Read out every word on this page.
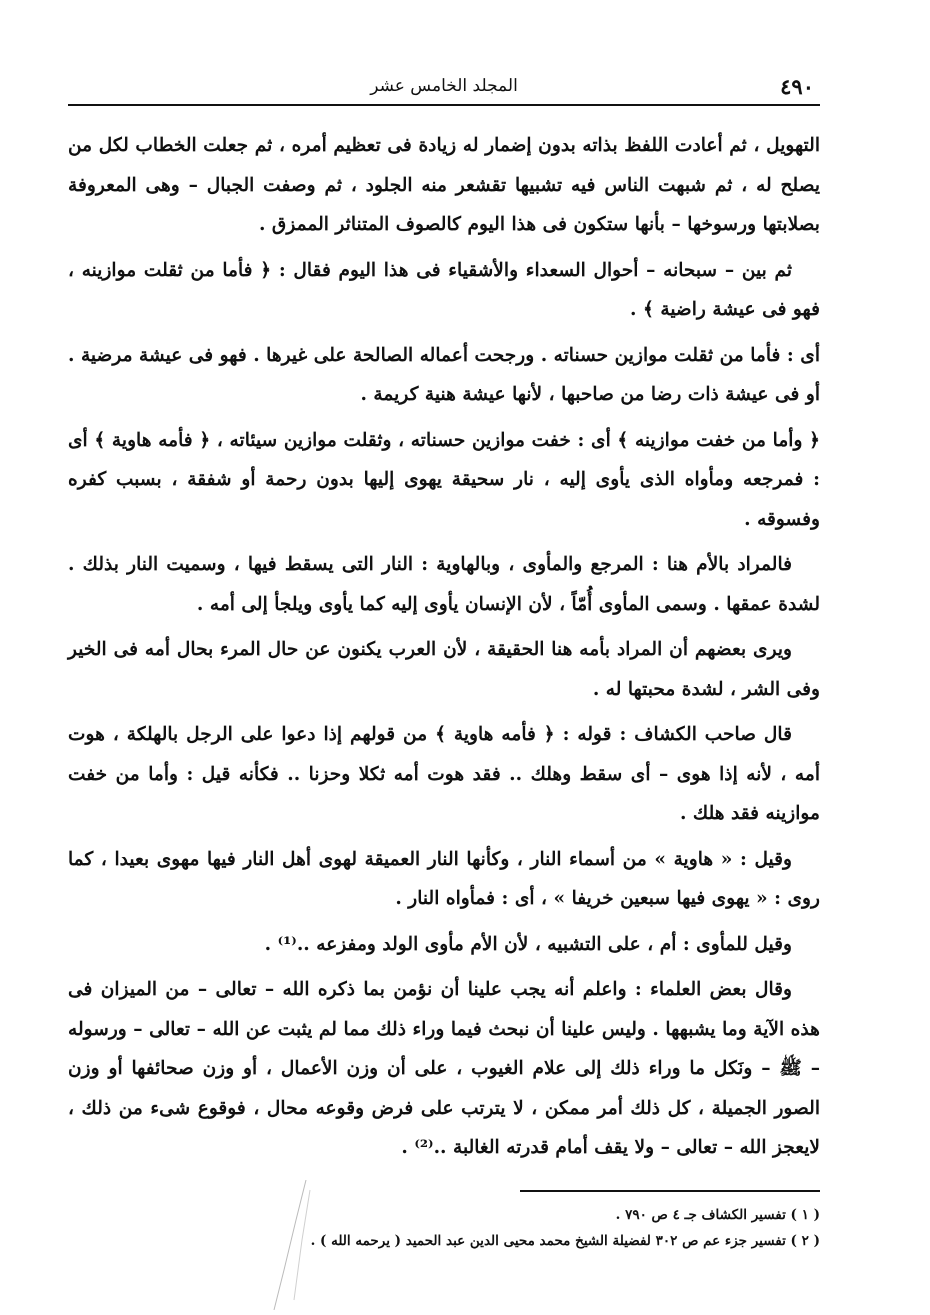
٤٩٠
المجلد الخامس عشر

التهويل ، ثم أعادت اللفظ بذاته بدون إضمار له زيادة فى تعظيم أمره ، ثم جعلت الخطاب لكل من يصلح له ، ثم شبهت الناس فيه تشبيها تقشعر منه الجلود ، ثم وصفت الجبال – وهى المعروفة بصلابتها ورسوخها – بأنها ستكون فى هذا اليوم كالصوف المتناثر الممزق .

ثم بين – سبحانه – أحوال السعداء والأشقياء فى هذا اليوم فقال : ﴿ فأما من ثقلت موازينه ، فهو فى عيشة راضية ﴾ .

أى : فأما من ثقلت موازين حسناته . ورجحت أعماله الصالحة على غيرها . فهو فى عيشة مرضية . أو فى عيشة ذات رضا من صاحبها ، لأنها عيشة هنية كريمة .

﴿ وأما من خفت موازينه ﴾ أى : خفت موازين حسناته ، وثقلت موازين سيئاته ، ﴿ فأمه هاوية ﴾ أى : فمرجعه ومأواه الذى يأوى إليه ، نار سحيقة يهوى إليها بدون رحمة أو شفقة ، بسبب كفره وفسوقه .

فالمراد بالأم هنا : المرجع والمأوى ، وبالهاوية : النار التى يسقط فيها ، وسميت النار بذلك . لشدة عمقها . وسمى المأوى أُمّاً ، لأن الإنسان يأوى إليه كما يأوى ويلجأ إلى أمه .

ويرى بعضهم أن المراد بأمه هنا الحقيقة ، لأن العرب يكنون عن حال المرء بحال أمه فى الخير وفى الشر ، لشدة محبتها له .

قال صاحب الكشاف : قوله : ﴿ فأمه هاوية ﴾ من قولهم إذا دعوا على الرجل بالهلكة ، هوت أمه ، لأنه إذا هوى – أى سقط وهلك .. فقد هوت أمه ثكلا وحزنا .. فكأنه قيل : وأما من خفت موازينه فقد هلك .

وقيل : « هاوية » من أسماء النار ، وكأنها النار العميقة لهوى أهل النار فيها مهوى بعيدا ، كما روى : « يهوى فيها سبعين خريفا » ، أى : فمأواه النار .

وقيل للمأوى : أم ، على التشبيه ، لأن الأم مأوى الولد ومفزعه ..⁽¹⁾ .

وقال بعض العلماء : واعلم أنه يجب علينا أن نؤمن بما ذكره الله – تعالى – من الميزان فى هذه الآية وما يشبهها . وليس علينا أن نبحث فيما وراء ذلك مما لم يثبت عن الله – تعالى – ورسوله – ﷺ – ونَكل ما وراء ذلك إلى علام الغيوب ، على أن وزن الأعمال ، أو وزن صحائفها أو وزن الصور الجميلة ، كل ذلك أمر ممكن ، لا يترتب على فرض وقوعه محال ، فوقوع شىء من ذلك ، لايعجز الله – تعالى – ولا يقف أمام قدرته الغالبة ..⁽²⁾ .

( ١ ) تفسير الكشاف جـ ٤ ص ٧٩٠ .

( ٢ ) تفسير جزء عم ص ٣٠٢ لفضيلة الشيخ محمد محيى الدين عبد الحميد ( يرحمه الله ) .
